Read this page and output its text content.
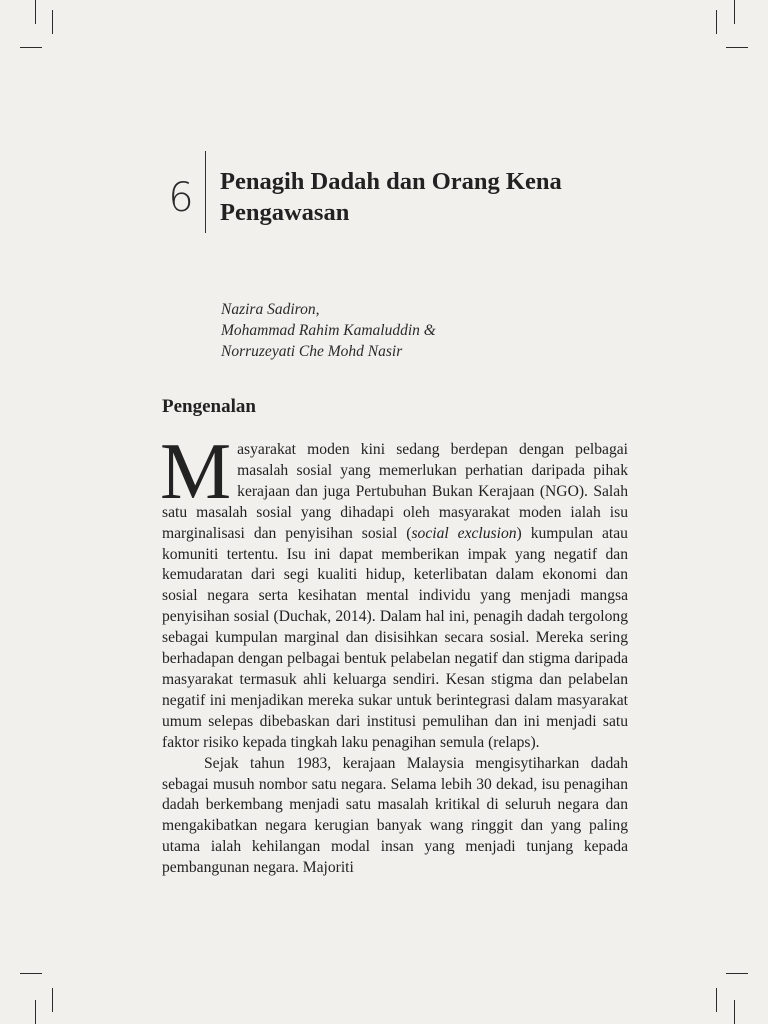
6 Penagih Dadah dan Orang Kena Pengawasan
Nazira Sadiron,
Mohammad Rahim Kamaluddin &
Norruzeyati Che Mohd Nasir
Pengenalan

Masyarakat moden kini sedang berdepan dengan pelbagai masalah sosial yang memerlukan perhatian daripada pihak kerajaan dan juga Pertubuhan Bukan Kerajaan (NGO). Salah satu masalah sosial yang dihadapi oleh masyarakat moden ialah isu marginalisasi dan penyisihan sosial (social exclusion) kumpulan atau komuniti tertentu. Isu ini dapat memberikan impak yang negatif dan kemudaratan dari segi kualiti hidup, keterlibatan dalam ekonomi dan sosial negara serta kesihatan mental individu yang menjadi mangsa penyisihan sosial (Duchak, 2014). Dalam hal ini, penagih dadah tergolong sebagai kumpulan marginal dan disisihkan secara sosial. Mereka sering berhadapan dengan pelbagai bentuk pelabelan negatif dan stigma daripada masyarakat termasuk ahli keluarga sendiri. Kesan stigma dan pelabelan negatif ini menjadikan mereka sukar untuk berintegrasi dalam masyarakat umum selepas dibebaskan dari institusi pemulihan dan ini menjadi satu faktor risiko kepada tingkah laku penagihan semula (relaps).

Sejak tahun 1983, kerajaan Malaysia mengisytiharkan dadah sebagai musuh nombor satu negara. Selama lebih 30 dekad, isu penagihan dadah berkembang menjadi satu masalah kritikal di seluruh negara dan mengakibatkan negara kerugian banyak wang ringgit dan yang paling utama ialah kehilangan modal insan yang menjadi tunjang kepada pembangunan negara. Majoriti
